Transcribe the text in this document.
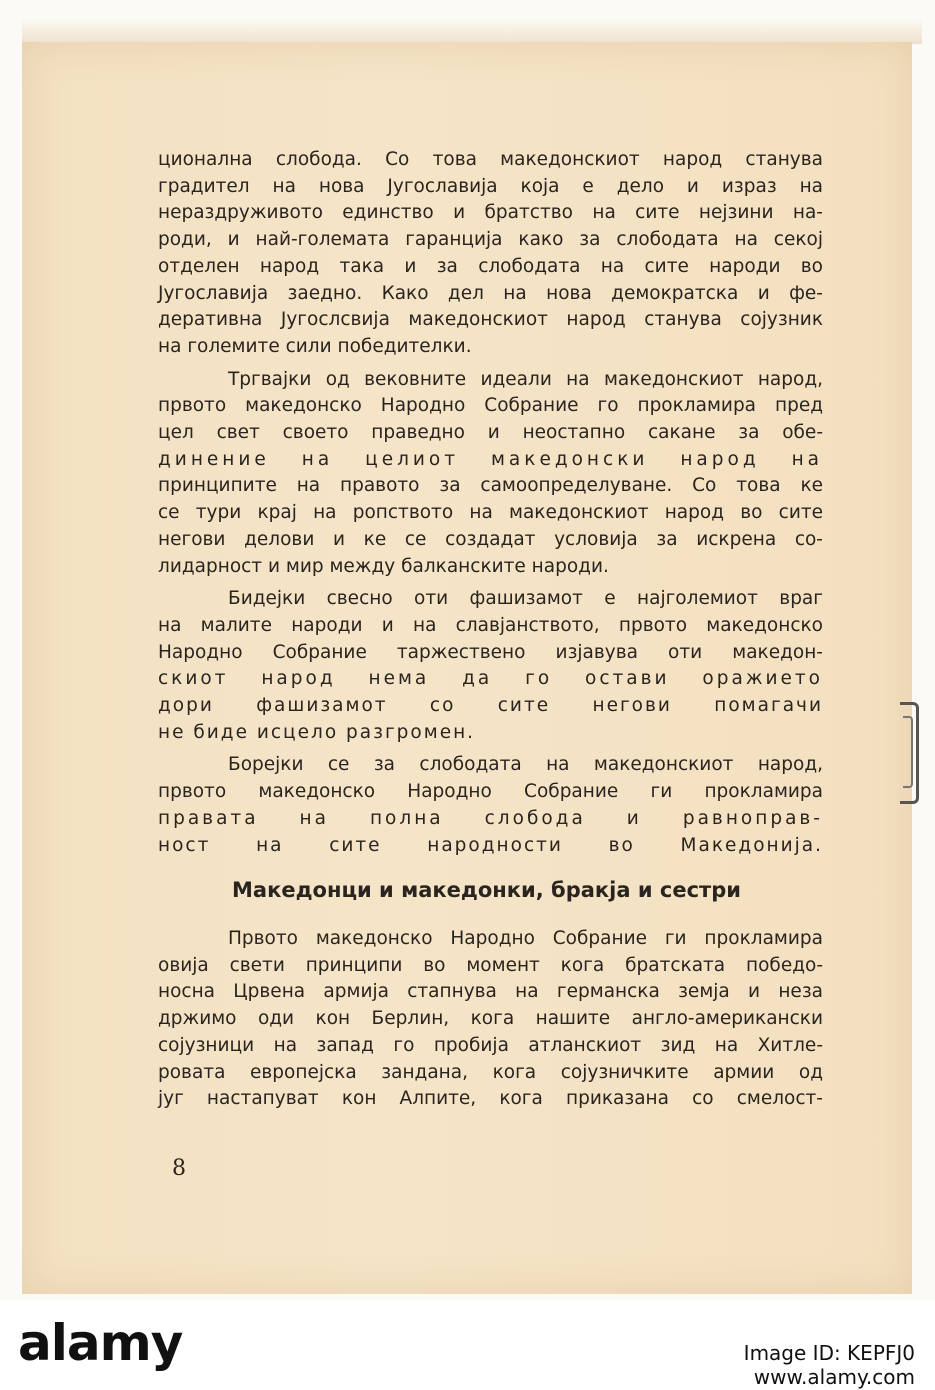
ционална слобода. Со това македонскиот народ станува
градител на нова Југославија која е дело и израз на
нераздруживото единство и братство на сите нејзини на-
роди, и най-големата гаранција како за слободата на секој
отделен народ така и за слободата на сите народи во
Југославија заедно. Како дел на нова демократска и фе-
деративна Југослсвија македонскиот народ станува сојузник
на големите сили победителки.
Тргвајки од вековните идеали на македонскиот народ,
првото македонско Народно Собрание го прокламира пред
цел свет своето праведно и неостапно сакане за обе-
динение на целиот македонски народ на
принципите на правото за самоопределуване. Со това ке
се тури крај на ропството на македонскиот народ во сите
негови делови и ке се создадат условија за искрена со-
лидарност и мир между балканските народи.
Бидејки свесно оти фашизамот е најголемиот враг
на малите народи и на славјанството, првото македонско
Народно Собрание таржествено изјавува оти македон-
скиот народ нема да го остави оражието
дори фашизамот со сите негови помагачи
не биде исцело разгромен.
Борејки се за слободата на македонскиот народ,
првото македонско Народно Собрание ги прокламира
правата на полна слобода и равноправ-
ност на сите народности во Македонија.
Македонци и македонки, бракја и сестри
Првото македонско Народно Собрание ги прокламира
овија свети принципи во момент кога братската победо-
носна Црвена армија стапнува на германска земја и неза
држимо оди кон Берлин, кога нашите англо-американски
сојузници на запад го пробија атланскиот зид на Хитле-
ровата европејска зандана, кога сојузничките армии од
југ настапуват кон Алпите, кога приказана со смелост-
8
alamy	Image ID: KEPFJ0
www.alamy.com
